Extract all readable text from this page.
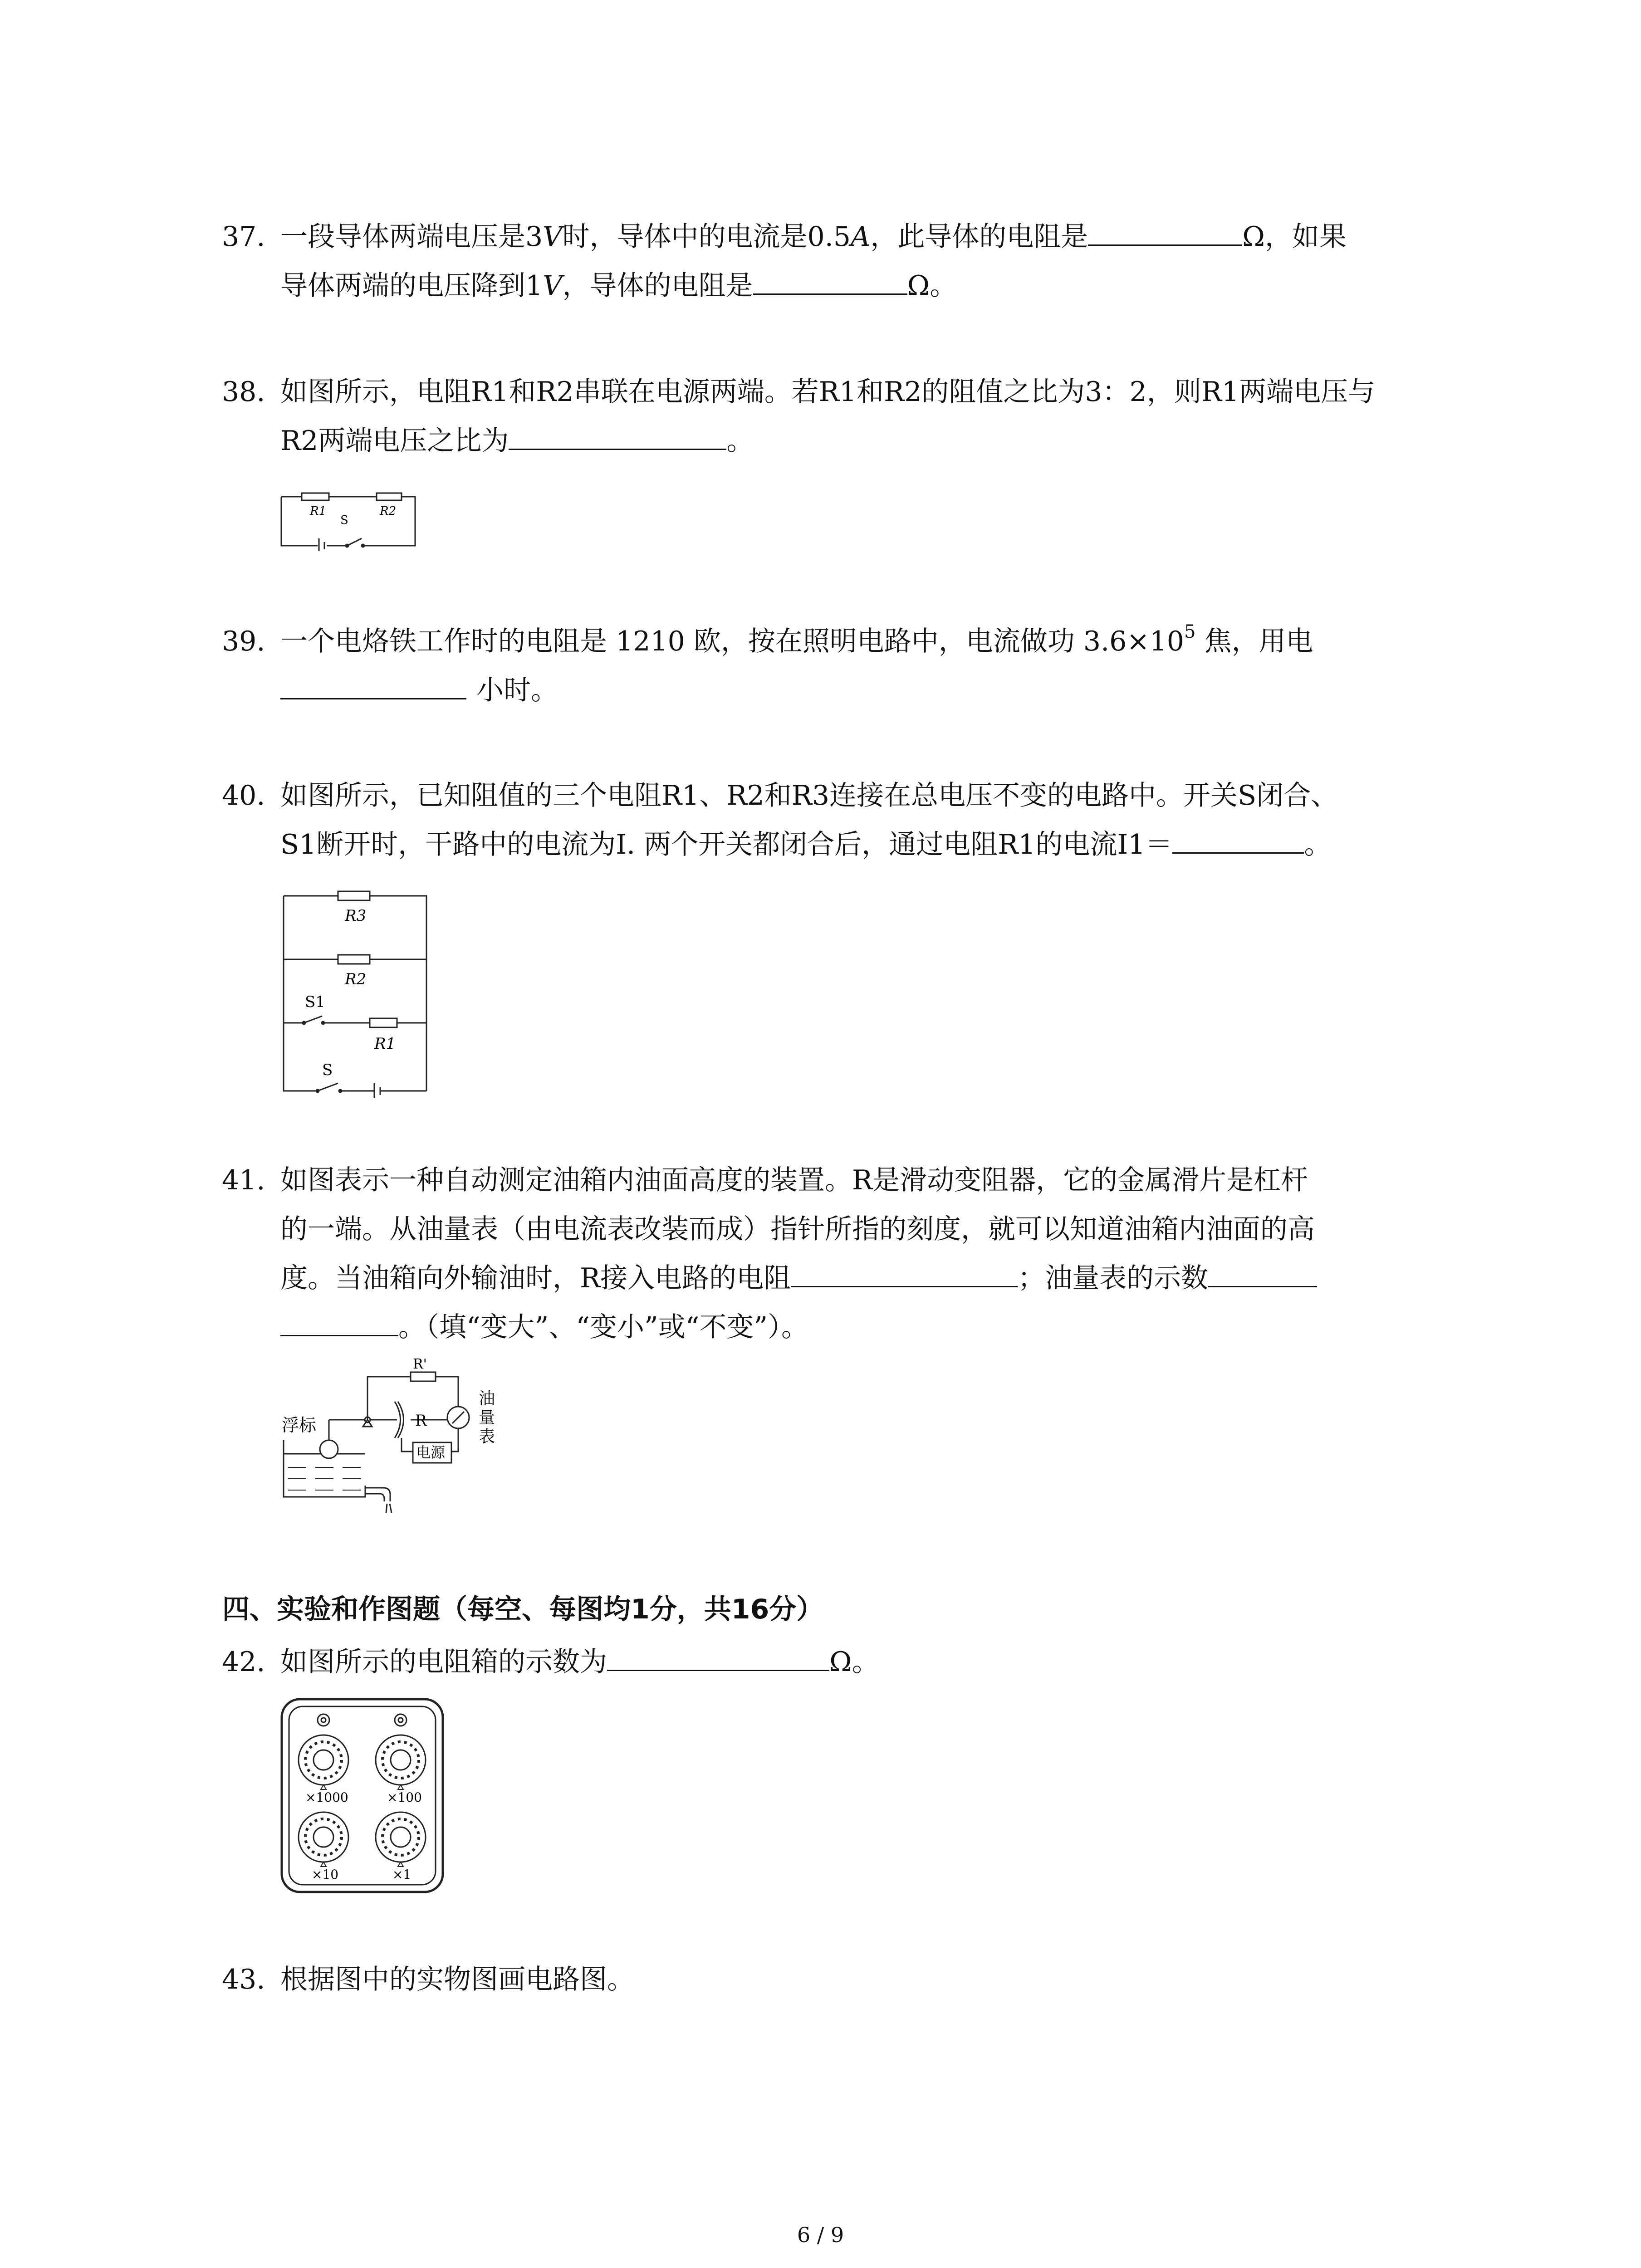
37. 一段导体两端电压是3V时，导体中的电流是0.5A，此导体的电阻是	Ω，如果
导体两端的电压降到1V，导体的电阻是	Ω。
38. 如图所示，电阻R1和R2串联在电源两端。若R1和R2的阻值之比为3：2，则R1两端电压与
R2两端电压之比为	。
R1
S
R2
39. 一个电烙铁工作时的电阻是 1210 欧，按在照明电路中，电流做功 $3.6\times 10^5$ 焦，用电
小时。
40. 如图所示，已知阻值的三个电阻R1、R2和R3连接在总电压不变的电路中。开关S闭合、
S1断开时，干路中的电流为I. 两个开关都闭合后，通过电阻R1的电流I1＝	。
R3
R2
S1
R1
S
41. 如图表示一种自动测定油箱内油面高度的装置。R是滑动变阻器，它的金属滑片是杠杆
的一端。从油量表（由电流表改装而成）指针所指的刻度，就可以知道油箱内油面的高
度。当油箱向外输油时，R接入电路的电阻	；油量表的示数
。（填“变大”、“变小”或“不变”）。
浮标
R'
R
油
量
表
电源
四、实验和作图题（每空、每图均1分，共16分）
42. 如图所示的电阻箱的示数为	Ω。
×1000	×100
×10	×1
43. 根据图中的实物图画电路图。
6 / 9
